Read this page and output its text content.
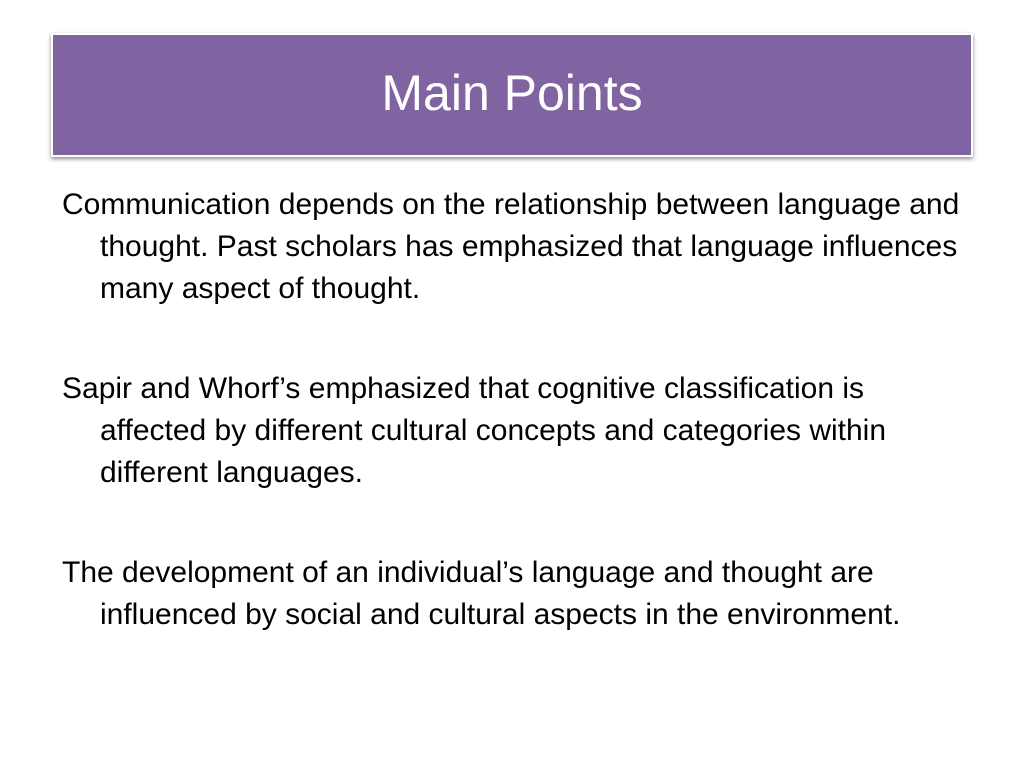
Main Points

Communication depends on the relationship between language and thought. Past scholars has emphasized that language influences many aspect of thought.

Sapir and Whorf’s emphasized that cognitive classification is affected by different cultural concepts and categories within different languages.

The development of an individual’s language and thought are influenced by social and cultural aspects in the environment.
